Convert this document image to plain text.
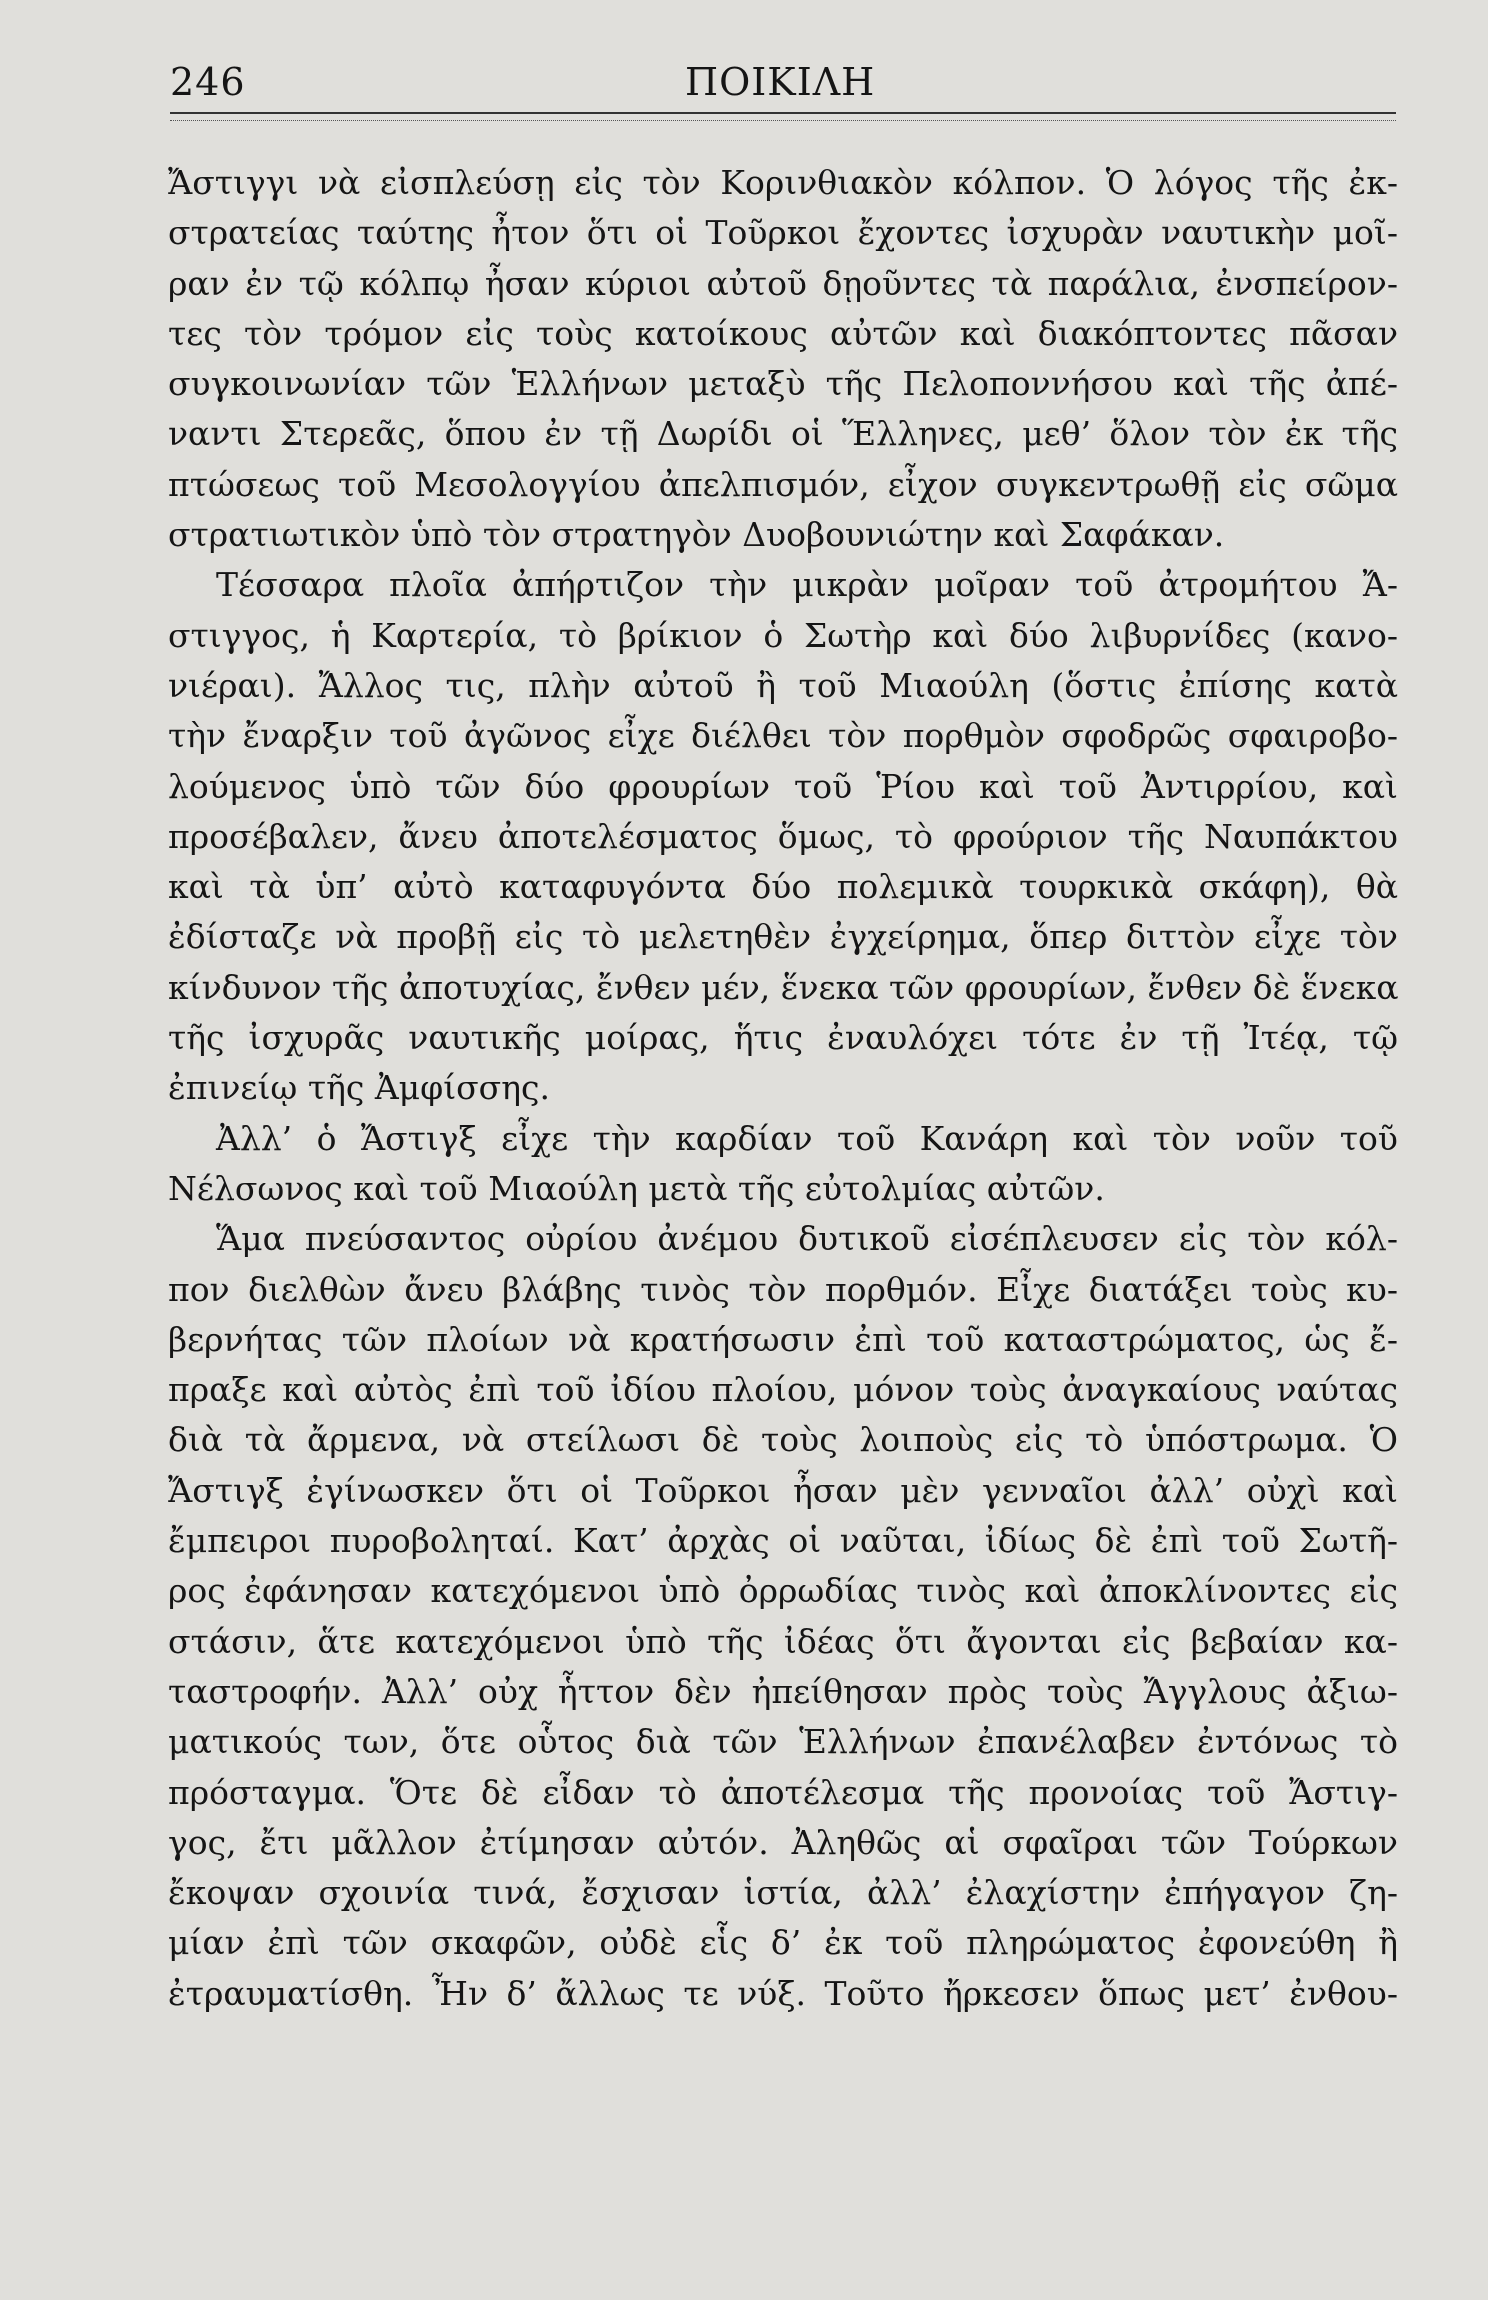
246	ΠΟΙΚΙΛΗ
Ἄστιγγι νὰ εἰσπλεύσῃ εἰς τὸν Κορινθιακὸν κόλπον. Ὁ λόγος τῆς ἐκ-
στρατείας ταύτης ἦτον ὅτι οἱ Τοῦρκοι ἔχοντες ἰσχυρὰν ναυτικὴν μοῖ-
ραν ἐν τῷ κόλπῳ ἦσαν κύριοι αὐτοῦ δῃοῦντες τὰ παράλια, ἐνσπείρον-
τες τὸν τρόμον εἰς τοὺς κατοίκους αὐτῶν καὶ διακόπτοντες πᾶσαν
συγκοινωνίαν τῶν Ἑλλήνων μεταξὺ τῆς Πελοποννήσου καὶ τῆς ἀπέ-
ναντι Στερεᾶς, ὅπου ἐν τῇ Δωρίδι οἱ Ἕλληνες, μεθ’ ὅλον τὸν ἐκ τῆς
πτώσεως τοῦ Μεσολογγίου ἀπελπισμόν, εἶχον συγκεντρωθῇ εἰς σῶμα
στρατιωτικὸν ὑπὸ τὸν στρατηγὸν Δυοβουνιώτην καὶ Σαφάκαν.
Τέσσαρα πλοῖα ἀπήρτιζον τὴν μικρὰν μοῖραν τοῦ ἀτρομήτου Ἄ-
στιγγος, ἡ Καρτερία, τὸ βρίκιον ὁ Σωτὴρ καὶ δύο λιβυρνίδες (κανο-
νιέραι). Ἄλλος τις, πλὴν αὐτοῦ ἢ τοῦ Μιαούλη (ὅστις ἐπίσης κατὰ
τὴν ἔναρξιν τοῦ ἀγῶνος εἶχε διέλθει τὸν πορθμὸν σφοδρῶς σφαιροβο-
λούμενος ὑπὸ τῶν δύο φρουρίων τοῦ Ῥίου καὶ τοῦ Ἀντιρρίου, καὶ
προσέβαλεν, ἄνευ ἀποτελέσματος ὅμως, τὸ φρούριον τῆς Ναυπάκτου
καὶ τὰ ὑπ’ αὐτὸ καταφυγόντα δύο πολεμικὰ τουρκικὰ σκάφη), θὰ
ἐδίσταζε νὰ προβῇ εἰς τὸ μελετηθὲν ἐγχείρημα, ὅπερ διττὸν εἶχε τὸν
κίνδυνον τῆς ἀποτυχίας, ἔνθεν μέν, ἕνεκα τῶν φρουρίων, ἔνθεν δὲ ἕνεκα
τῆς ἰσχυρᾶς ναυτικῆς μοίρας, ἥτις ἐναυλόχει τότε ἐν τῇ Ἰτέᾳ, τῷ
ἐπινείῳ τῆς Ἀμφίσσης.
Ἀλλ’ ὁ Ἄστιγξ εἶχε τὴν καρδίαν τοῦ Κανάρη καὶ τὸν νοῦν τοῦ
Νέλσωνος καὶ τοῦ Μιαούλη μετὰ τῆς εὐτολμίας αὐτῶν.
Ἅμα πνεύσαντος οὐρίου ἀνέμου δυτικοῦ εἰσέπλευσεν εἰς τὸν κόλ-
πον διελθὼν ἄνευ βλάβης τινὸς τὸν πορθμόν. Εἶχε διατάξει τοὺς κυ-
βερνήτας τῶν πλοίων νὰ κρατήσωσιν ἐπὶ τοῦ καταστρώματος, ὡς ἔ-
πραξε καὶ αὐτὸς ἐπὶ τοῦ ἰδίου πλοίου, μόνον τοὺς ἀναγκαίους ναύτας
διὰ τὰ ἄρμενα, νὰ στείλωσι δὲ τοὺς λοιποὺς εἰς τὸ ὑπόστρωμα. Ὁ
Ἄστιγξ ἐγίνωσκεν ὅτι οἱ Τοῦρκοι ἦσαν μὲν γενναῖοι ἀλλ’ οὐχὶ καὶ
ἔμπειροι πυροβοληταί. Κατ’ ἀρχὰς οἱ ναῦται, ἰδίως δὲ ἐπὶ τοῦ Σωτῆ-
ρος ἐφάνησαν κατεχόμενοι ὑπὸ ὀρρωδίας τινὸς καὶ ἀποκλίνοντες εἰς
στάσιν, ἅτε κατεχόμενοι ὑπὸ τῆς ἰδέας ὅτι ἄγονται εἰς βεβαίαν κα-
ταστροφήν. Ἀλλ’ οὐχ ἧττον δὲν ἠπείθησαν πρὸς τοὺς Ἄγγλους ἀξιω-
ματικούς των, ὅτε οὗτος διὰ τῶν Ἑλλήνων ἐπανέλαβεν ἐντόνως τὸ
πρόσταγμα. Ὅτε δὲ εἶδαν τὸ ἀποτέλεσμα τῆς προνοίας τοῦ Ἄστιγ-
γος, ἔτι μᾶλλον ἐτίμησαν αὐτόν. Ἀληθῶς αἱ σφαῖραι τῶν Τούρκων
ἔκοψαν σχοινία τινά, ἔσχισαν ἱστία, ἀλλ’ ἐλαχίστην ἐπήγαγον ζη-
μίαν ἐπὶ τῶν σκαφῶν, οὐδὲ εἷς δ’ ἐκ τοῦ πληρώματος ἐφονεύθη ἢ
ἐτραυματίσθη. Ἦν δ’ ἄλλως τε νύξ. Τοῦτο ἤρκεσεν ὅπως μετ’ ἐνθου-
